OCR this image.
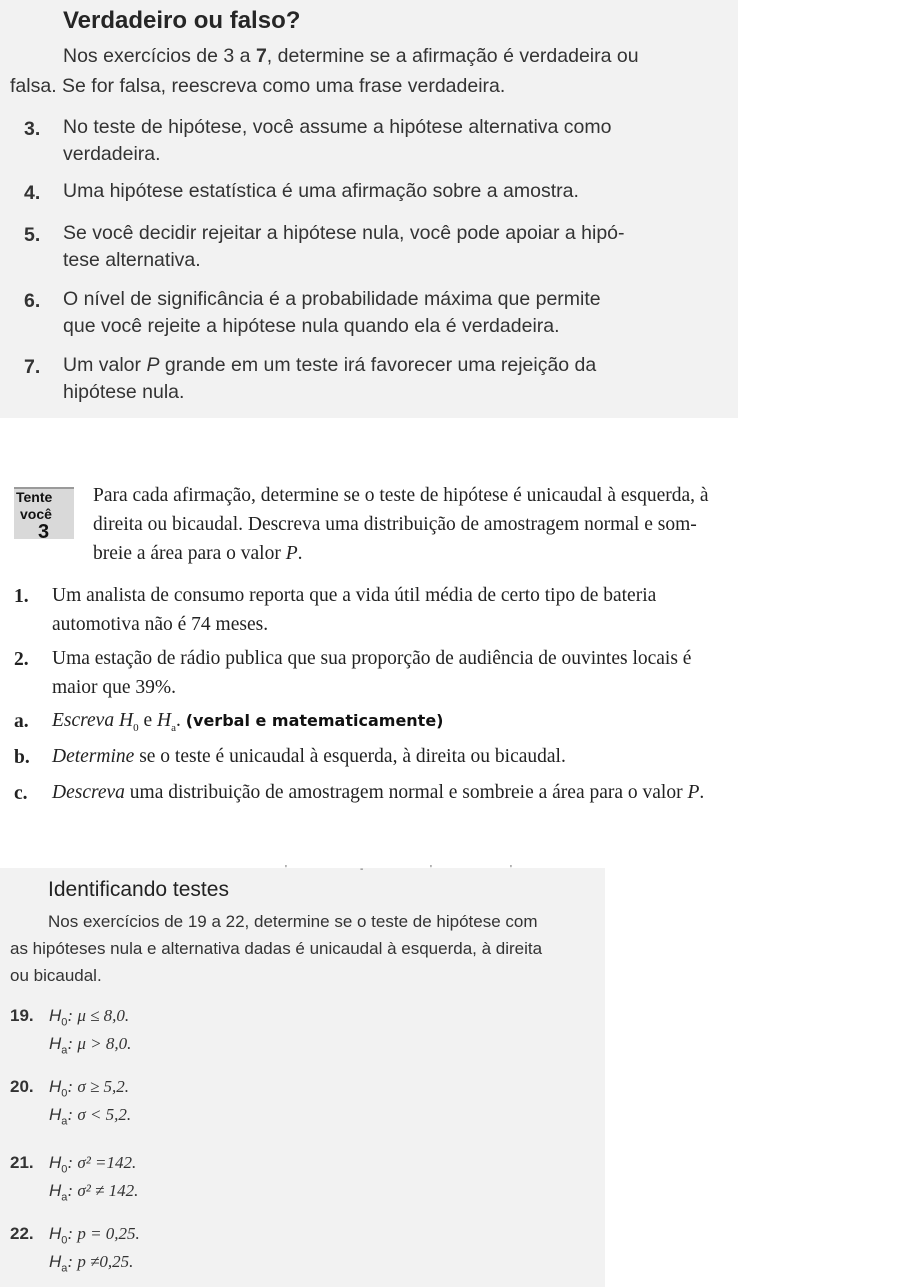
Verdadeiro ou falso?
Nos exercícios de 3 a 7, determine se a afirmação é verdadeira ou
falsa. Se for falsa, reescreva como uma frase verdadeira.
3. No teste de hipótese, você assume a hipótese alternativa como
verdadeira.
4. Uma hipótese estatística é uma afirmação sobre a amostra.
5. Se você decidir rejeitar a hipótese nula, você pode apoiar a hipó-
tese alternativa.
6. O nível de significância é a probabilidade máxima que permite
que você rejeite a hipótese nula quando ela é verdadeira.
7. Um valor P grande em um teste irá favorecer uma rejeição da
hipótese nula.
Tente
você
3
Para cada afirmação, determine se o teste de hipótese é unicaudal à esquerda, à
direita ou bicaudal. Descreva uma distribuição de amostragem normal e som-
breie a área para o valor P.
1. Um analista de consumo reporta que a vida útil média de certo tipo de bateria
automotiva não é 74 meses.
2. Uma estação de rádio publica que sua proporção de audiência de ouvintes locais é
maior que 39%.
a. Escreva $H_0$ e $H_a$. (verbal e matematicamente)
b. Determine se o teste é unicaudal à esquerda, à direita ou bicaudal.
c. Descreva uma distribuição de amostragem normal e sombreie a área para o valor P.
'	-	'	'
Identificando testes
Nos exercícios de 19 a 22, determine se o teste de hipótese com
as hipóteses nula e alternativa dadas é unicaudal à esquerda, à direita
ou bicaudal.
19. $H_0$: μ ≤ 8,0.
$H_a$: μ > 8,0.
20. $H_0$: σ ≥ 5,2.
$H_a$: σ < 5,2.
21. $H_0$: σ² =142.
$H_a$: σ² ≠ 142.
22. $H_0$: p = 0,25.
$H_a$: p ≠0,25.
